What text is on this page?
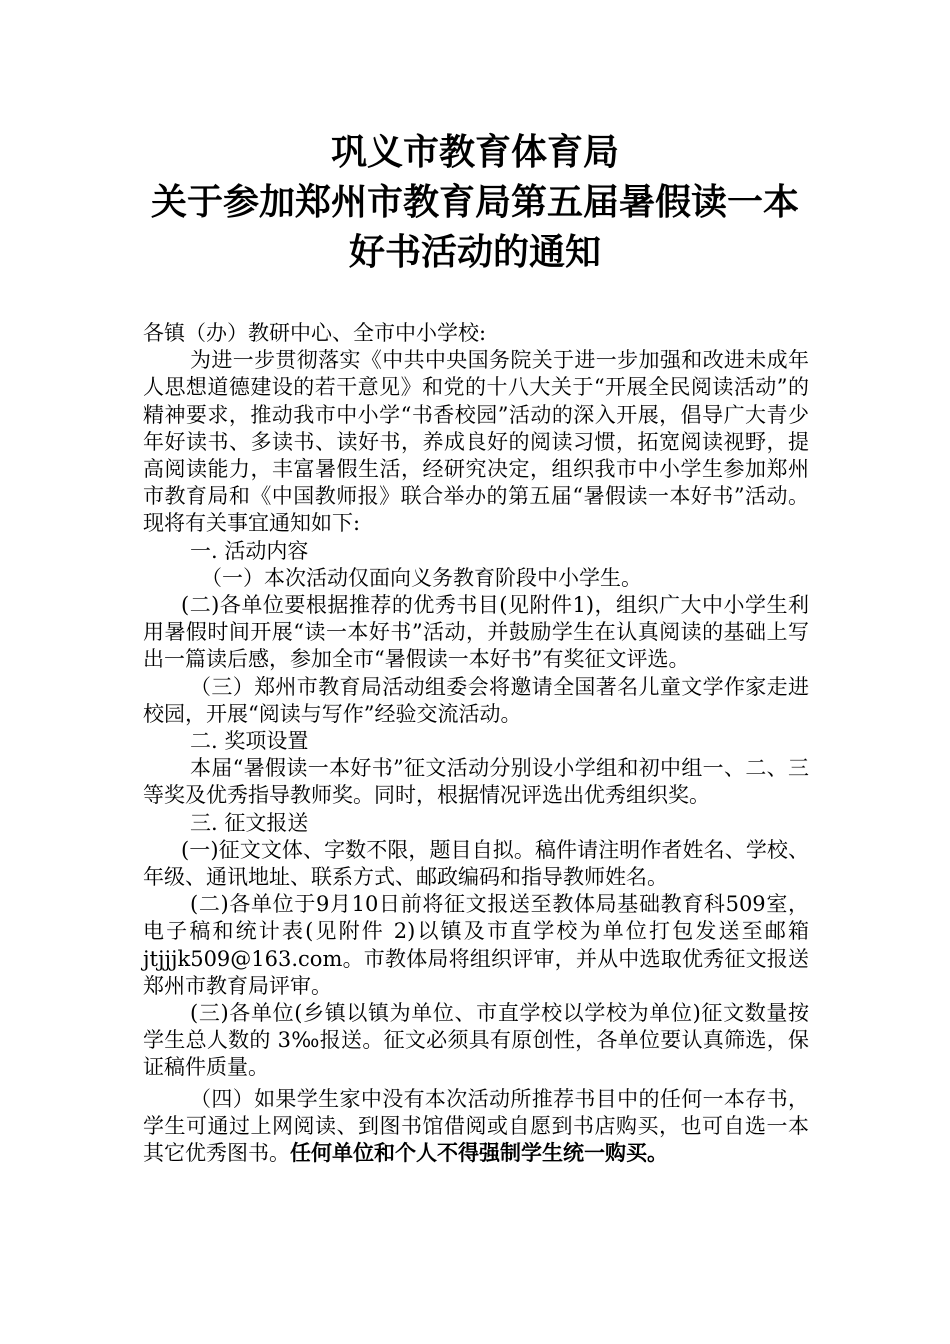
巩义市教育体育局
关于参加郑州市教育局第五届暑假读一本
好书活动的通知

各镇（办）教研中心、全市中小学校:

为进一步贯彻落实《中共中央国务院关于进一步加强和改进未成年人思想道德建设的若干意见》和党的十八大关于“开展全民阅读活动”的精神要求，推动我市中小学“书香校园”活动的深入开展，倡导广大青少年好读书、多读书、读好书，养成良好的阅读习惯，拓宽阅读视野，提高阅读能力，丰富暑假生活，经研究决定，组织我市中小学生参加郑州市教育局和《中国教师报》联合举办的第五届“暑假读一本好书”活动。现将有关事宜通知如下:

一. 活动内容

（一）本次活动仅面向义务教育阶段中小学生。

(二)各单位要根据推荐的优秀书目(见附件1)，组织广大中小学生利用暑假时间开展“读一本好书”活动，并鼓励学生在认真阅读的基础上写出一篇读后感，参加全市“暑假读一本好书”有奖征文评选。

（三）郑州市教育局活动组委会将邀请全国著名儿童文学作家走进校园，开展“阅读与写作”经验交流活动。

二. 奖项设置

本届“暑假读一本好书”征文活动分别设小学组和初中组一、二、三等奖及优秀指导教师奖。同时，根据情况评选出优秀组织奖。

三. 征文报送

(一)征文文体、字数不限，题目自拟。稿件请注明作者姓名、学校、年级、通讯地址、联系方式、邮政编码和指导教师姓名。

(二)各单位于9月10日前将征文报送至教体局基础教育科509室，电子稿和统计表(见附件 2)以镇及市直学校为单位打包发送至邮箱 jtjjjk509@163.com。市教体局将组织评审，并从中选取优秀征文报送郑州市教育局评审。

(三)各单位(乡镇以镇为单位、市直学校以学校为单位)征文数量按学生总人数的 3‰报送。征文必须具有原创性，各单位要认真筛选，保证稿件质量。

（四）如果学生家中没有本次活动所推荐书目中的任何一本存书，学生可通过上网阅读、到图书馆借阅或自愿到书店购买，也可自选一本其它优秀图书。任何单位和个人不得强制学生统一购买。
